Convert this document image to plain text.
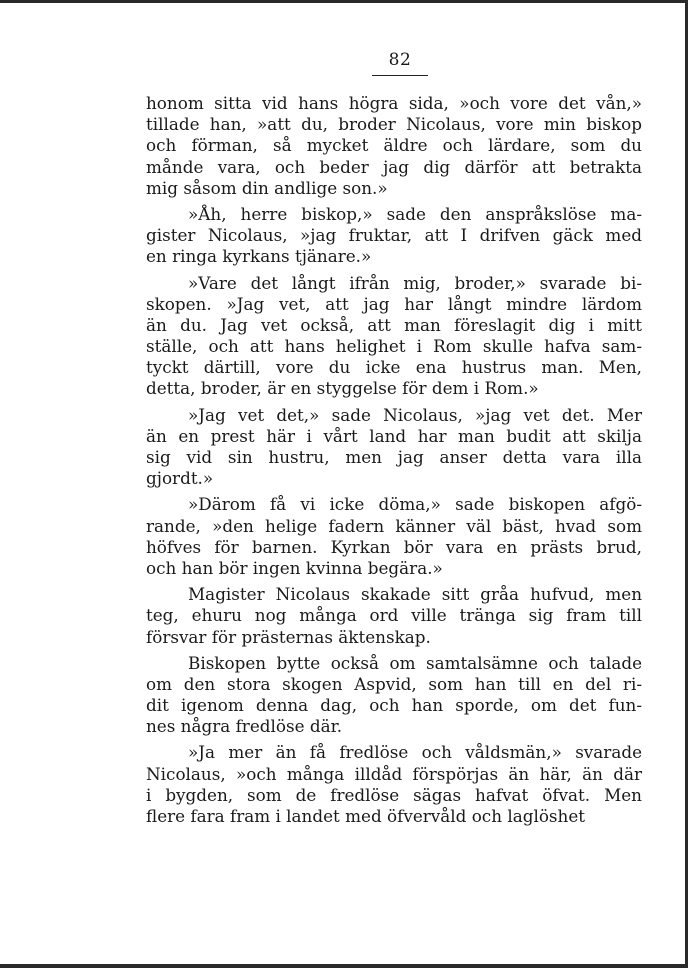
82
honom sitta vid hans högra sida, »och vore det vån,»
tillade han, »att du, broder Nicolaus, vore min biskop
och förman, så mycket äldre och lärdare, som du
månde vara, och beder jag dig därför att betrakta
mig såsom din andlige son.»
»Åh, herre biskop,» sade den anspråkslöse ma-
gister Nicolaus, »jag fruktar, att I drifven gäck med
en ringa kyrkans tjänare.»
»Vare det långt ifrån mig, broder,» svarade bi-
skopen. »Jag vet, att jag har långt mindre lärdom
än du. Jag vet också, att man föreslagit dig i mitt
ställe, och att hans helighet i Rom skulle hafva sam-
tyckt därtill, vore du icke ena hustrus man. Men,
detta, broder, är en styggelse för dem i Rom.»
»Jag vet det,» sade Nicolaus, »jag vet det. Mer
än en prest här i vårt land har man budit att skilja
sig vid sin hustru, men jag anser detta vara illa
gjordt.»
»Därom få vi icke döma,» sade biskopen afgö-
rande, »den helige fadern känner väl bäst, hvad som
höfves för barnen. Kyrkan bör vara en prästs brud,
och han bör ingen kvinna begära.»
Magister Nicolaus skakade sitt gråa hufvud, men
teg, ehuru nog många ord ville tränga sig fram till
försvar för prästernas äktenskap.
Biskopen bytte också om samtalsämne och talade
om den stora skogen Aspvid, som han till en del ri-
dit igenom denna dag, och han sporde, om det fun-
nes några fredlöse där.
»Ja mer än få fredlöse och våldsmän,» svarade
Nicolaus, »och många illdåd förspörjas än här, än där
i bygden, som de fredlöse sägas hafvat öfvat. Men
flere fara fram i landet med öfvervåld och laglöshet
